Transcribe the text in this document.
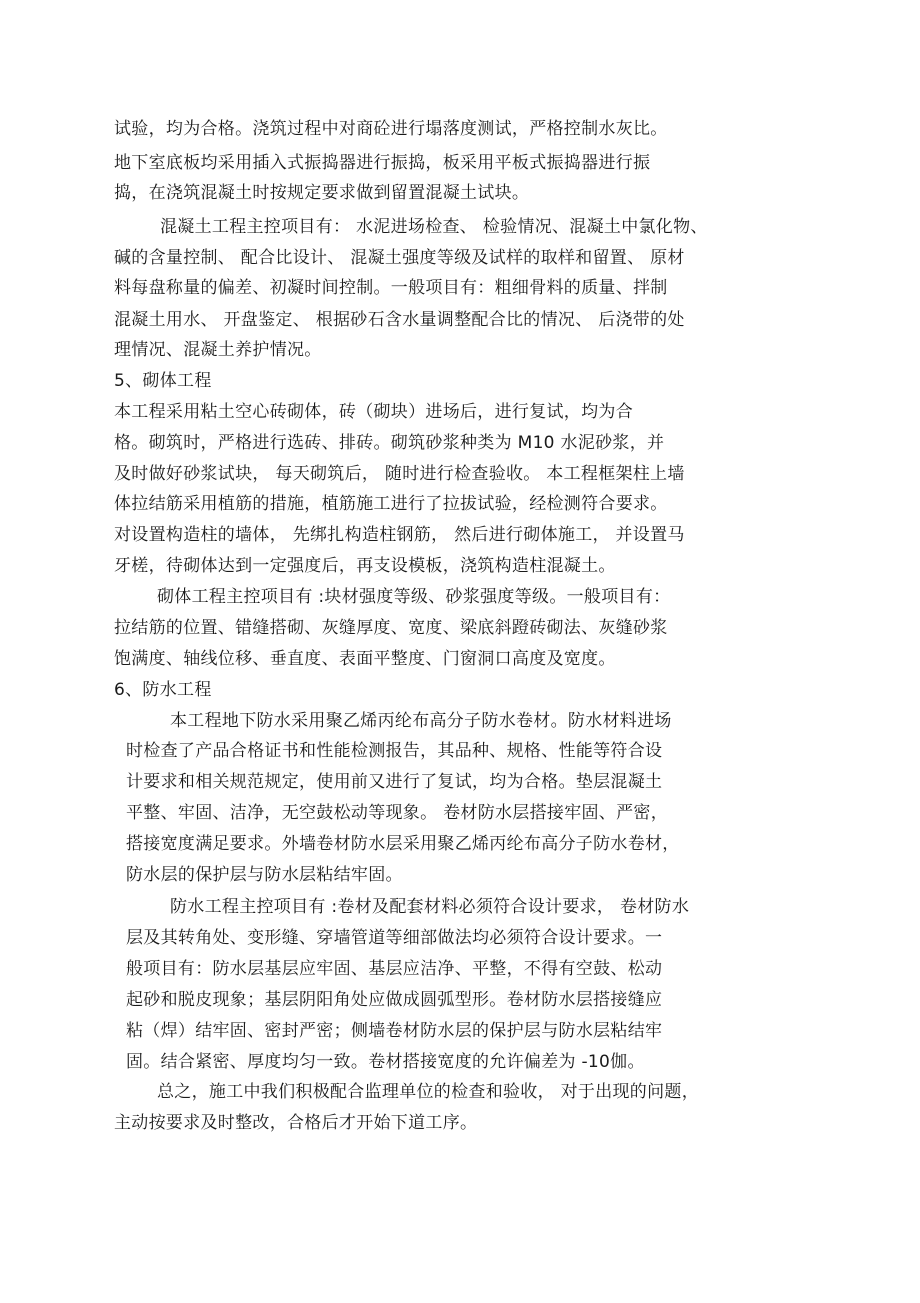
试验，均为合格。浇筑过程中对商砼进行塌落度测试，严格控制水灰比。
地下室底板均采用插入式振捣器进行振捣，板采用平板式振捣器进行振
捣，在浇筑混凝土时按规定要求做到留置混凝土试块。
混凝土工程主控项目有： 水泥进场检查、 检验情况、混凝土中氯化物、
碱的含量控制、 配合比设计、 混凝土强度等级及试样的取样和留置、 原材
料每盘称量的偏差、初凝时间控制。一般项目有：粗细骨料的质量、拌制
混凝土用水、 开盘鉴定、 根据砂石含水量调整配合比的情况、 后浇带的处
理情况、混凝土养护情况。
5、砌体工程
本工程采用粘土空心砖砌体，砖（砌块）进场后，进行复试，均为合
格。砌筑时，严格进行选砖、排砖。砌筑砂浆种类为 M10 水泥砂浆，并
及时做好砂浆试块， 每天砌筑后， 随时进行检查验收。 本工程框架柱上墙
体拉结筋采用植筋的措施，植筋施工进行了拉拔试验，经检测符合要求。
对设置构造柱的墙体， 先绑扎构造柱钢筋， 然后进行砌体施工， 并设置马
牙槎，待砌体达到一定强度后，再支设模板，浇筑构造柱混凝土。
砌体工程主控项目有 :块材强度等级、砂浆强度等级。一般项目有：
拉结筋的位置、错缝搭砌、灰缝厚度、宽度、梁底斜蹬砖砌法、灰缝砂浆
饱满度、轴线位移、垂直度、表面平整度、门窗洞口高度及宽度。
6、防水工程
本工程地下防水采用聚乙烯丙纶布高分子防水卷材。防水材料进场
时检查了产品合格证书和性能检测报告，其品种、规格、性能等符合设
计要求和相关规范规定，使用前又进行了复试，均为合格。垫层混凝土
平整、牢固、洁净，无空鼓松动等现象。 卷材防水层搭接牢固、严密，
搭接宽度满足要求。外墙卷材防水层采用聚乙烯丙纶布高分子防水卷材，
防水层的保护层与防水层粘结牢固。
防水工程主控项目有 :卷材及配套材料必须符合设计要求， 卷材防水
层及其转角处、变形缝、穿墙管道等细部做法均必须符合设计要求。一
般项目有：防水层基层应牢固、基层应洁净、平整，不得有空鼓、松动
起砂和脱皮现象；基层阴阳角处应做成圆弧型形。卷材防水层搭接缝应
粘（焊）结牢固、密封严密；侧墙卷材防水层的保护层与防水层粘结牢
固。结合紧密、厚度均匀一致。卷材搭接宽度的允许偏差为 -10伽。
总之，施工中我们积极配合监理单位的检查和验收， 对于出现的问题，
主动按要求及时整改，合格后才开始下道工序。
